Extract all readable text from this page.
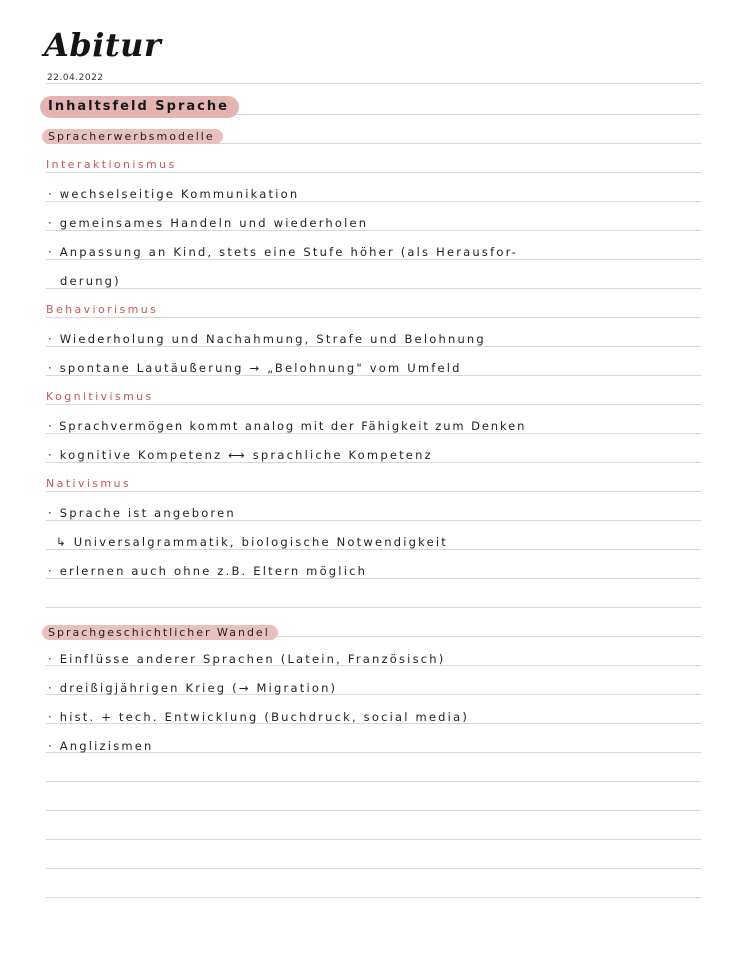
Abitur
22.04.2022
Inhaltsfeld Sprache
Spracherwerbsmodelle
Interaktionismus
· wechselseitige Kommunikation
· gemeinsames Handeln und wiederholen
· Anpassung an Kind, stets eine Stufe höher (als Herausfor-
derung)
Behaviorismus
· Wiederholung und Nachahmung, Strafe und Belohnung
· spontane Lautäußerung → „Belohnung" vom Umfeld
Kognitivismus
· Sprachvermögen kommt analog mit der Fähigkeit zum Denken
· kognitive Kompetenz ⟷ sprachliche Kompetenz
Nativismus
· Sprache ist angeboren
↳ Universalgrammatik, biologische Notwendigkeit
· erlernen auch ohne z.B. Eltern möglich
Sprachgeschichtlicher Wandel
· Einflüsse anderer Sprachen (Latein, Französisch)
· dreißigjährigen Krieg (→ Migration)
· hist. + tech. Entwicklung (Buchdruck, social media)
· Anglizismen
